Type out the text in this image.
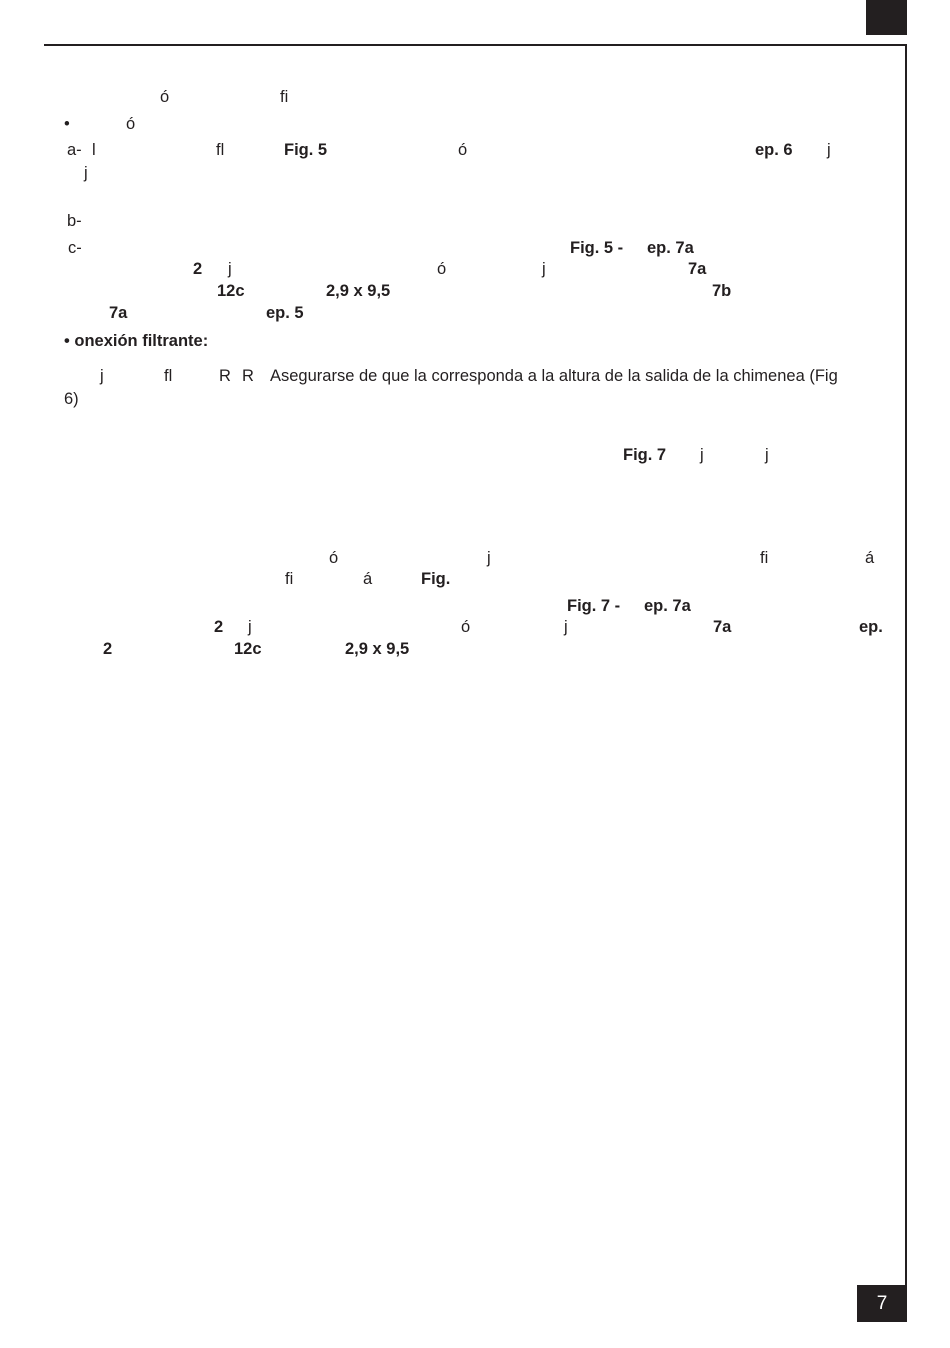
ó	fi
•	ó
a- l	fl	Fig. 5	ó	ep. 6 j
j
b-
c-	Fig. 5 - ep. 7a
2 j	ó	j	7a
12c	2,9 x 9,5	7b
7a	ep. 5
• onexión filtrante:
j	fl	R R Asegurarse de que la corresponda a la altura de la salida de la chimenea (Fig
6)
Fig. 7 j	j
ó	j	fi	á
fi	á	Fig.
Fig. 7 - ep. 7a
2 j	ó	j	7a	ep.
2	12c	2,9 x 9,5
7
